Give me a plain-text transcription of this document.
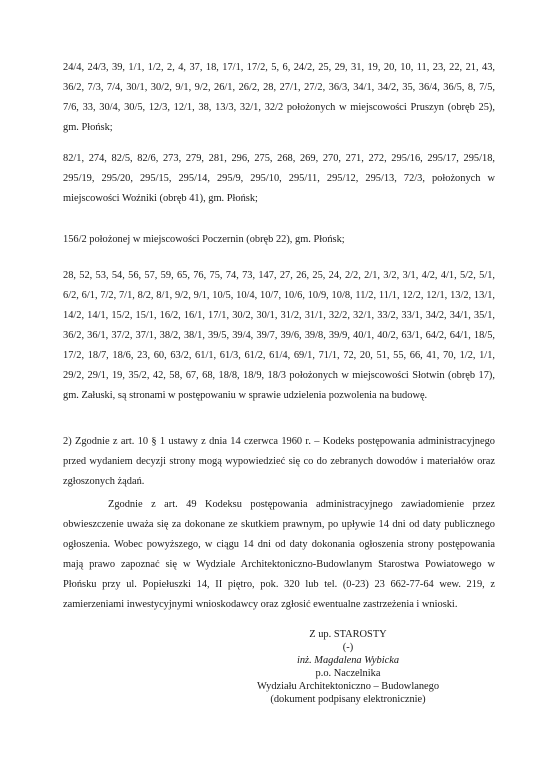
24/4, 24/3, 39, 1/1, 1/2, 2, 4, 37, 18, 17/1, 17/2, 5, 6, 24/2, 25, 29, 31, 19, 20, 10, 11, 23, 22, 21, 43, 36/2, 7/3, 7/4, 30/1, 30/2, 9/1, 9/2, 26/1, 26/2, 28, 27/1, 27/2, 36/3, 34/1, 34/2, 35, 36/4, 36/5, 8, 7/5, 7/6, 33, 30/4, 30/5, 12/3, 12/1, 38, 13/3, 32/1, 32/2 położonych w miejscowości Pruszyn (obręb 25), gm. Płońsk;

82/1, 274, 82/5, 82/6, 273, 279, 281, 296, 275, 268, 269, 270, 271, 272, 295/16, 295/17, 295/18, 295/19, 295/20, 295/15, 295/14, 295/9, 295/10, 295/11, 295/12, 295/13, 72/3, położonych w miejscowości Woźniki (obręb 41), gm. Płońsk;

156/2 położonej w miejscowości Poczernin (obręb 22), gm. Płońsk;

28, 52, 53, 54, 56, 57, 59, 65, 76, 75, 74, 73, 147, 27, 26, 25, 24, 2/2, 2/1, 3/2, 3/1, 4/2, 4/1, 5/2, 5/1, 6/2, 6/1, 7/2, 7/1, 8/2, 8/1, 9/2, 9/1, 10/5, 10/4, 10/7, 10/6, 10/9, 10/8, 11/2, 11/1, 12/2, 12/1, 13/2, 13/1, 14/2, 14/1, 15/2, 15/1, 16/2, 16/1, 17/1, 30/2, 30/1, 31/2, 31/1, 32/2, 32/1, 33/2, 33/1, 34/2, 34/1, 35/1, 36/2, 36/1, 37/2, 37/1, 38/2, 38/1, 39/5, 39/4, 39/7, 39/6, 39/8, 39/9, 40/1, 40/2, 63/1, 64/2, 64/1, 18/5, 17/2, 18/7, 18/6, 23, 60, 63/2, 61/1, 61/3, 61/2, 61/4, 69/1, 71/1, 72, 20, 51, 55, 66, 41, 70, 1/2, 1/1, 29/2, 29/1, 19, 35/2, 42, 58, 67, 68, 18/8, 18/9, 18/3 położonych w miejscowości Słotwin (obręb 17), gm. Załuski, są stronami w postępowaniu w sprawie udzielenia pozwolenia na budowę.

2) Zgodnie z art. 10 § 1 ustawy z dnia 14 czerwca 1960 r. – Kodeks postępowania administracyjnego przed wydaniem decyzji strony mogą wypowiedzieć się co do zebranych dowodów i materiałów oraz zgłoszonych żądań.

Zgodnie z art. 49 Kodeksu postępowania administracyjnego zawiadomienie przez obwieszczenie uważa się za dokonane ze skutkiem prawnym, po upływie 14 dni od daty publicznego ogłoszenia. Wobec powyższego, w ciągu 14 dni od daty dokonania ogłoszenia strony postępowania mają prawo zapoznać się w Wydziale Architektoniczno-Budowlanym Starostwa Powiatowego w Płońsku przy ul. Popiełuszki 14, II piętro, pok. 320 lub tel. (0-23) 23 662-77-64 wew. 219, z zamierzeniami inwestycyjnymi wnioskodawcy oraz zgłosić ewentualne zastrzeżenia i wnioski.

Z up. STAROSTY
(-)
inż. Magdalena Wybicka
p.o. Naczelnika
Wydziału Architektoniczno – Budowlanego
(dokument podpisany elektronicznie)
